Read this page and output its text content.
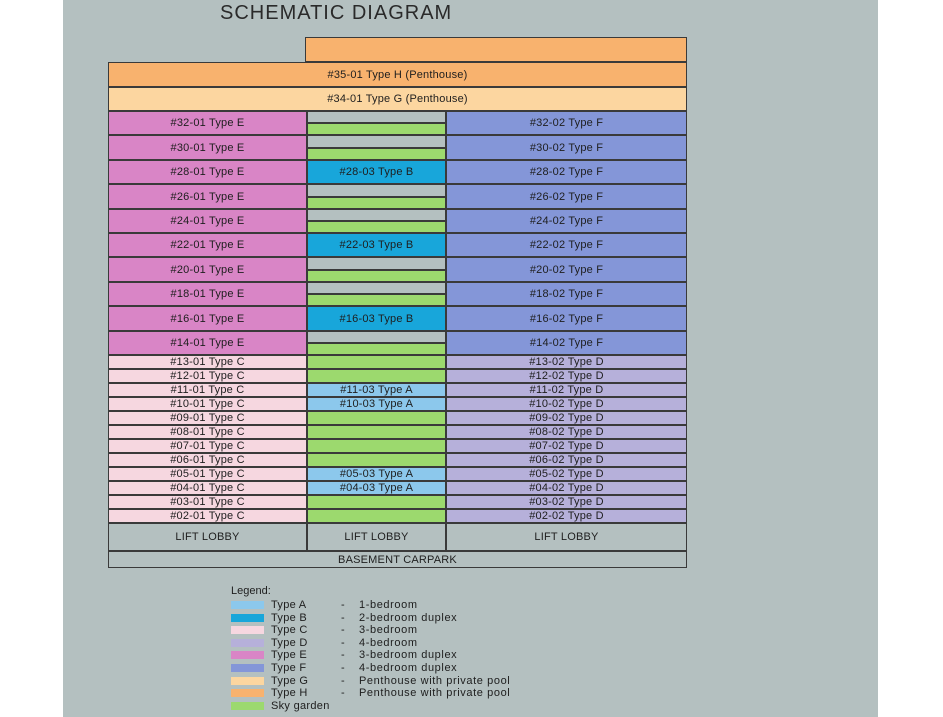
SCHEMATIC DIAGRAM
#35-01 Type H (Penthouse)
#34-01 Type G (Penthouse)
#32-01 Type E	#32-02 Type F
#30-01 Type E	#30-02 Type F
#28-01 Type E	#28-03 Type B	#28-02 Type F
#26-01 Type E	#26-02 Type F
#24-01 Type E	#24-02 Type F
#22-01 Type E	#22-03 Type B	#22-02 Type F
#20-01 Type E	#20-02 Type F
#18-01 Type E	#18-02 Type F
#16-01 Type E	#16-03 Type B	#16-02 Type F
#14-01 Type E	#14-02 Type F
#13-01 Type C	#13-02 Type D
#12-01 Type C	#12-02 Type D
#11-01 Type C	#11-03 Type A	#11-02 Type D
#10-01 Type C	#10-03 Type A	#10-02 Type D
#09-01 Type C	#09-02 Type D
#08-01 Type C	#08-02 Type D
#07-01 Type C	#07-02 Type D
#06-01 Type C	#06-02 Type D
#05-01 Type C	#05-03 Type A	#05-02 Type D
#04-01 Type C	#04-03 Type A	#04-02 Type D
#03-01 Type C	#03-02 Type D
#02-01 Type C	#02-02 Type D
LIFT LOBBY	LIFT LOBBY	LIFT LOBBY
BASEMENT CARPARK
Legend:
Type A	-	1-bedroom
Type B	-	2-bedroom duplex
Type C	-	3-bedroom
Type D	-	4-bedroom
Type E	-	3-bedroom duplex
Type F	-	4-bedroom duplex
Type G	-	Penthouse with private pool
Type H	-	Penthouse with private pool
Sky garden
